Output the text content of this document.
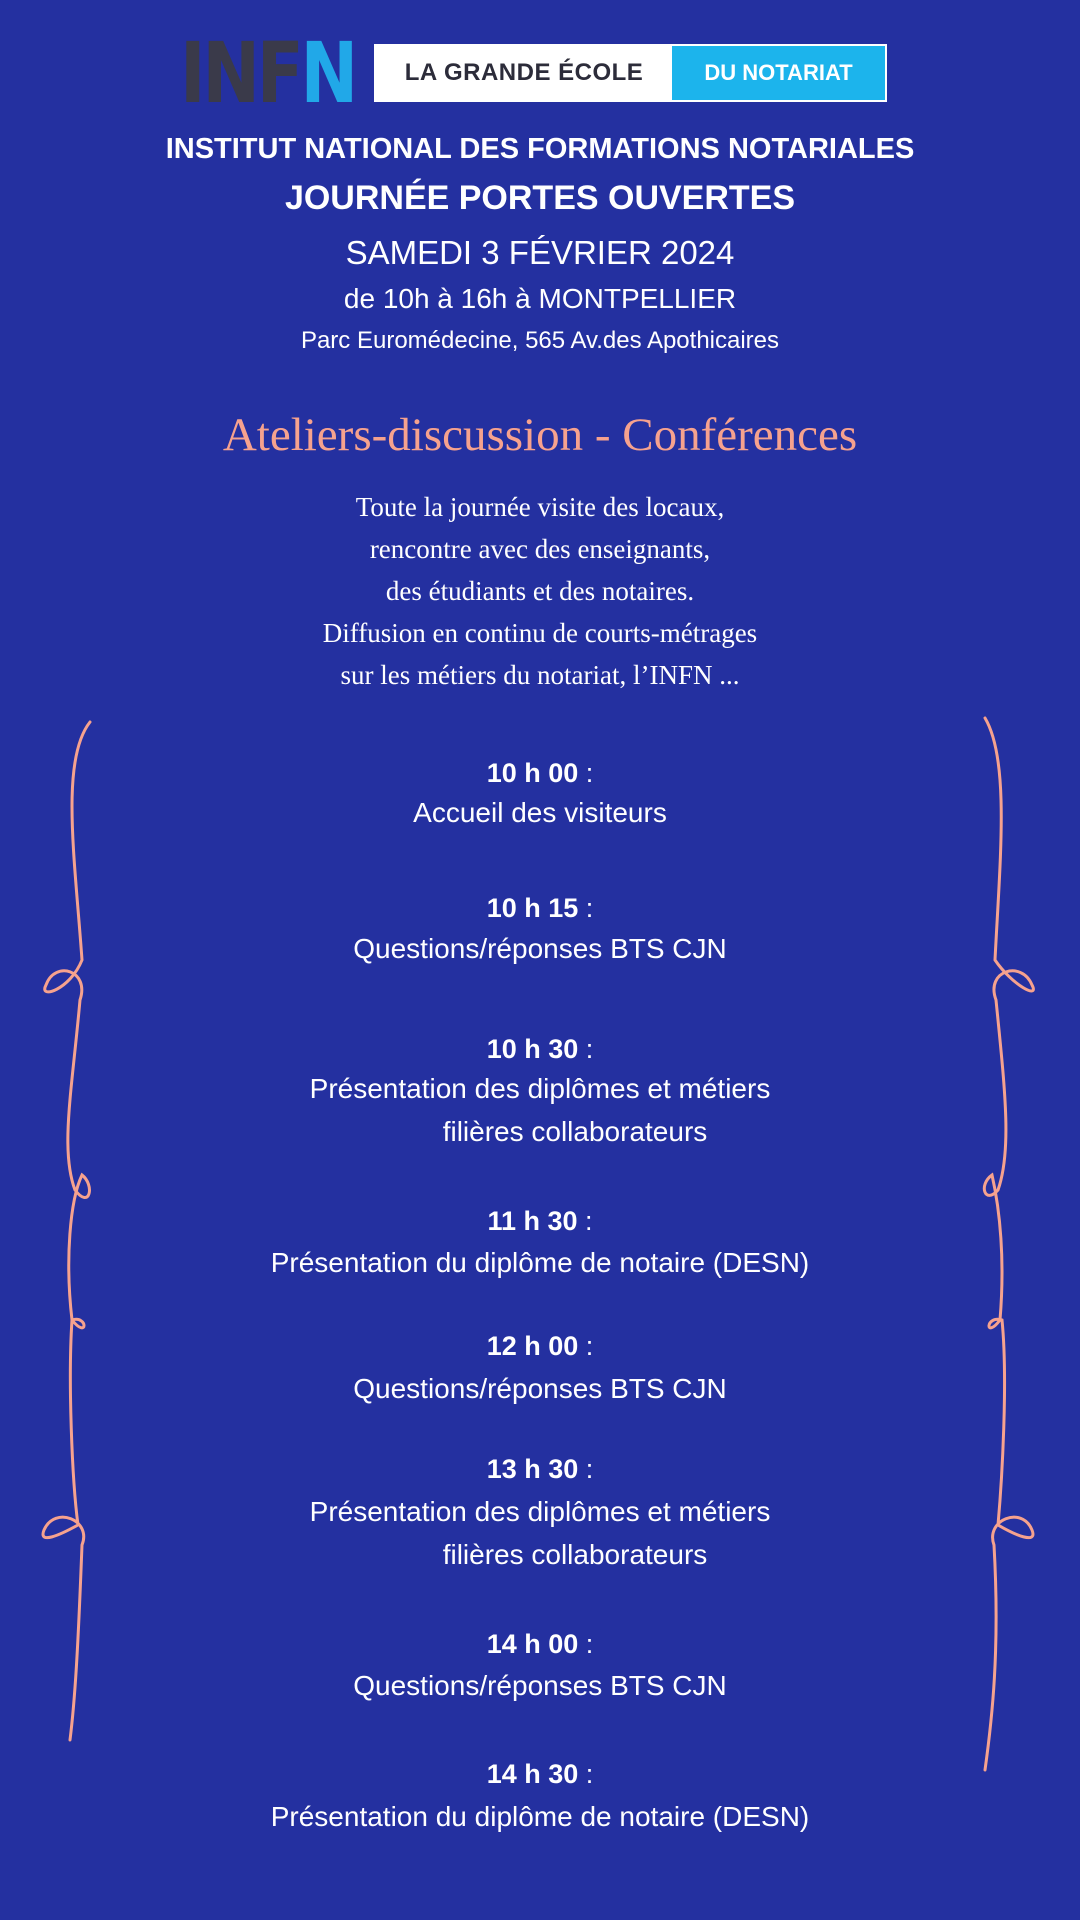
INFN	LA GRANDE ÉCOLE	DU NOTARIAT
INSTITUT NATIONAL DES FORMATIONS NOTARIALES
JOURNÉE PORTES OUVERTES
SAMEDI 3 FÉVRIER 2024
de 10h à 16h à MONTPELLIER
Parc Euromédecine, 565 Av.des Apothicaires
Ateliers-discussion - Conférences
Toute la journée visite des locaux,
rencontre avec des enseignants,
des étudiants et des notaires.
Diffusion en continu de courts-métrages
sur les métiers du notariat, l’INFN ...
10 h 00 :
Accueil des visiteurs
10 h 15 :
Questions/réponses BTS CJN
10 h 30 :
Présentation des diplômes et métiers
filières collaborateurs
11 h 30 :
Présentation du diplôme de notaire (DESN)
12 h 00 :
Questions/réponses BTS CJN
13 h 30 :
Présentation des diplômes et métiers
filières collaborateurs
14 h 00 :
Questions/réponses BTS CJN
14 h 30 :
Présentation du diplôme de notaire (DESN)
